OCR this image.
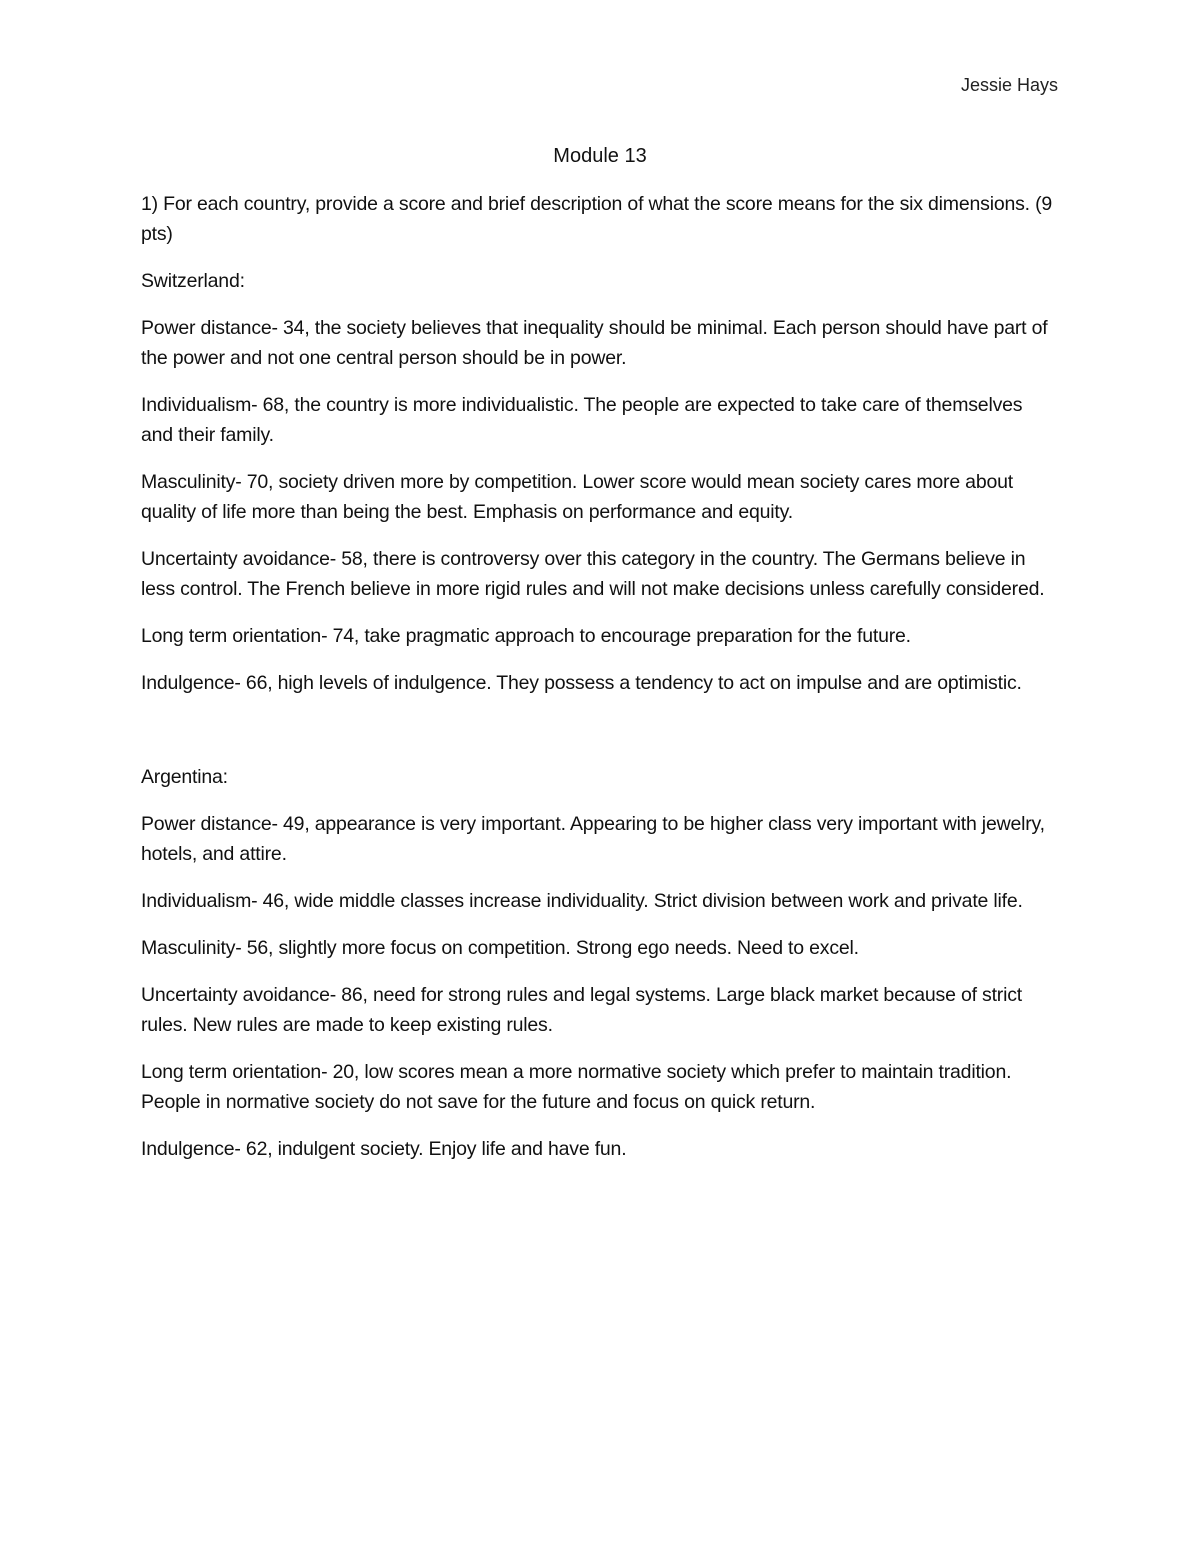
Jessie Hays
Module 13

1) For each country, provide a score and brief description of what the score means for the six dimensions. (9 pts)

Switzerland:

Power distance- 34, the society believes that inequality should be minimal. Each person should have part of the power and not one central person should be in power.

Individualism- 68, the country is more individualistic. The people are expected to take care of themselves and their family.

Masculinity- 70, society driven more by competition. Lower score would mean society cares more about quality of life more than being the best. Emphasis on performance and equity.

Uncertainty avoidance- 58, there is controversy over this category in the country. The Germans believe in less control. The French believe in more rigid rules and will not make decisions unless carefully considered.

Long term orientation- 74, take pragmatic approach to encourage preparation for the future.

Indulgence- 66, high levels of indulgence. They possess a tendency to act on impulse and are optimistic.

Argentina:

Power distance- 49, appearance is very important. Appearing to be higher class very important with jewelry, hotels, and attire.

Individualism- 46, wide middle classes increase individuality. Strict division between work and private life.

Masculinity- 56, slightly more focus on competition. Strong ego needs. Need to excel.

Uncertainty avoidance- 86, need for strong rules and legal systems. Large black market because of strict rules. New rules are made to keep existing rules.

Long term orientation- 20, low scores mean a more normative society which prefer to maintain tradition. People in normative society do not save for the future and focus on quick return.

Indulgence- 62, indulgent society. Enjoy life and have fun.
